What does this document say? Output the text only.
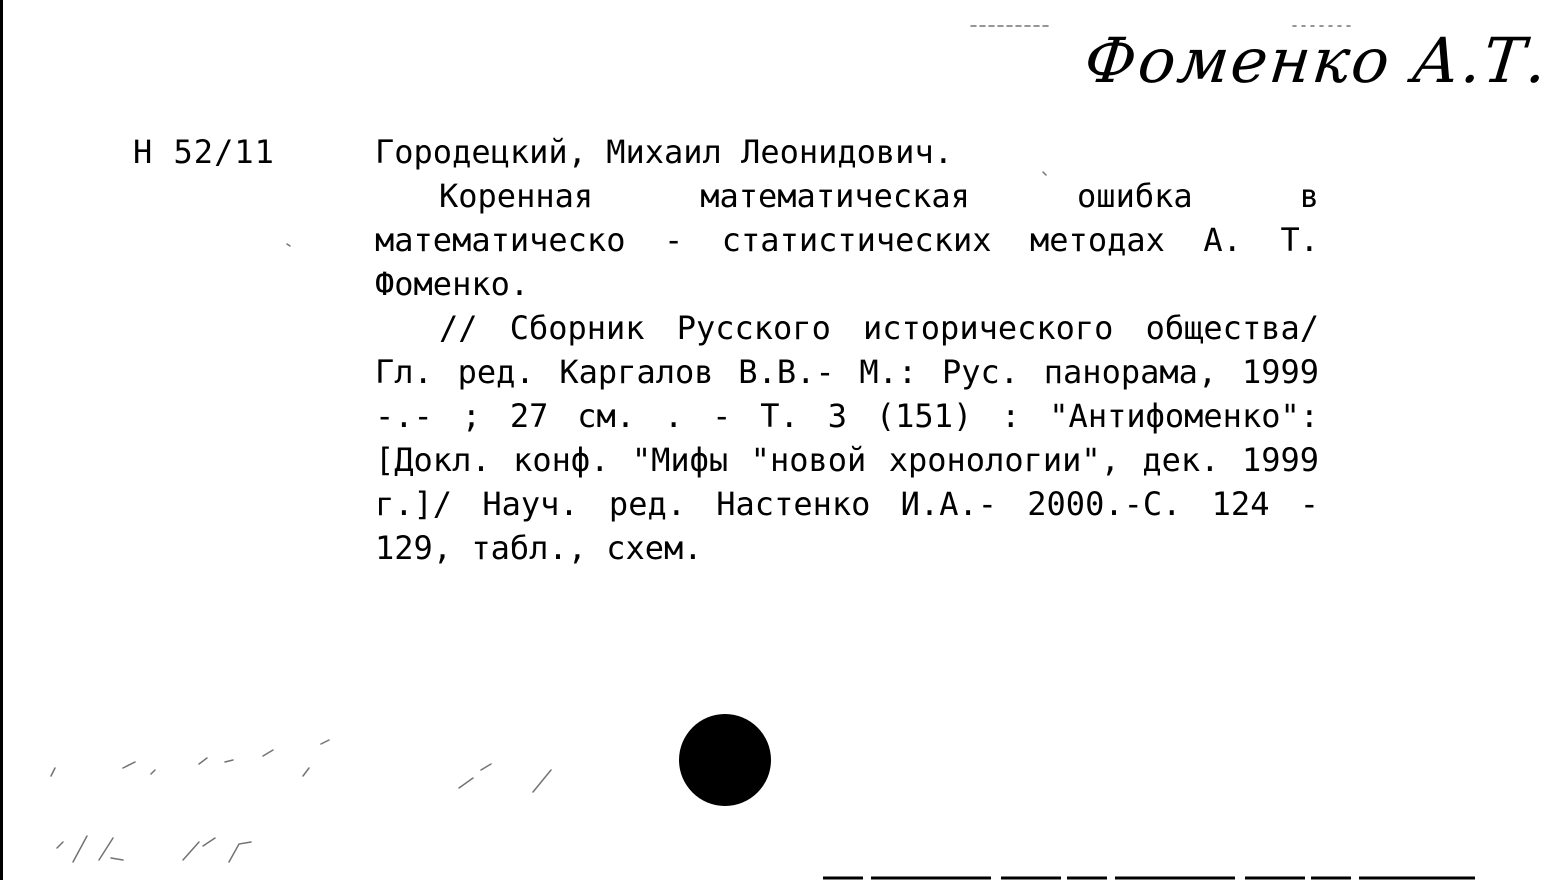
Фоменко А.Т.
Н 52/11	Городецкий, Михаил Леонидович.

Коренная математическая ошибка в математическо - статистических методах А. Т. Фоменко.

// Сборник Русского исторического общества/ Гл. ред. Каргалов В.В.- М.: Рус. панорама, 1999 -.- ; 27 см. . - Т. 3 (151) : "Антифоменко": [Докл. конф. "Мифы "новой хронологии", дек. 1999 г.]/ Науч. ред. Настенко И.А.- 2000.-С. 124 - 129, табл., схем.
